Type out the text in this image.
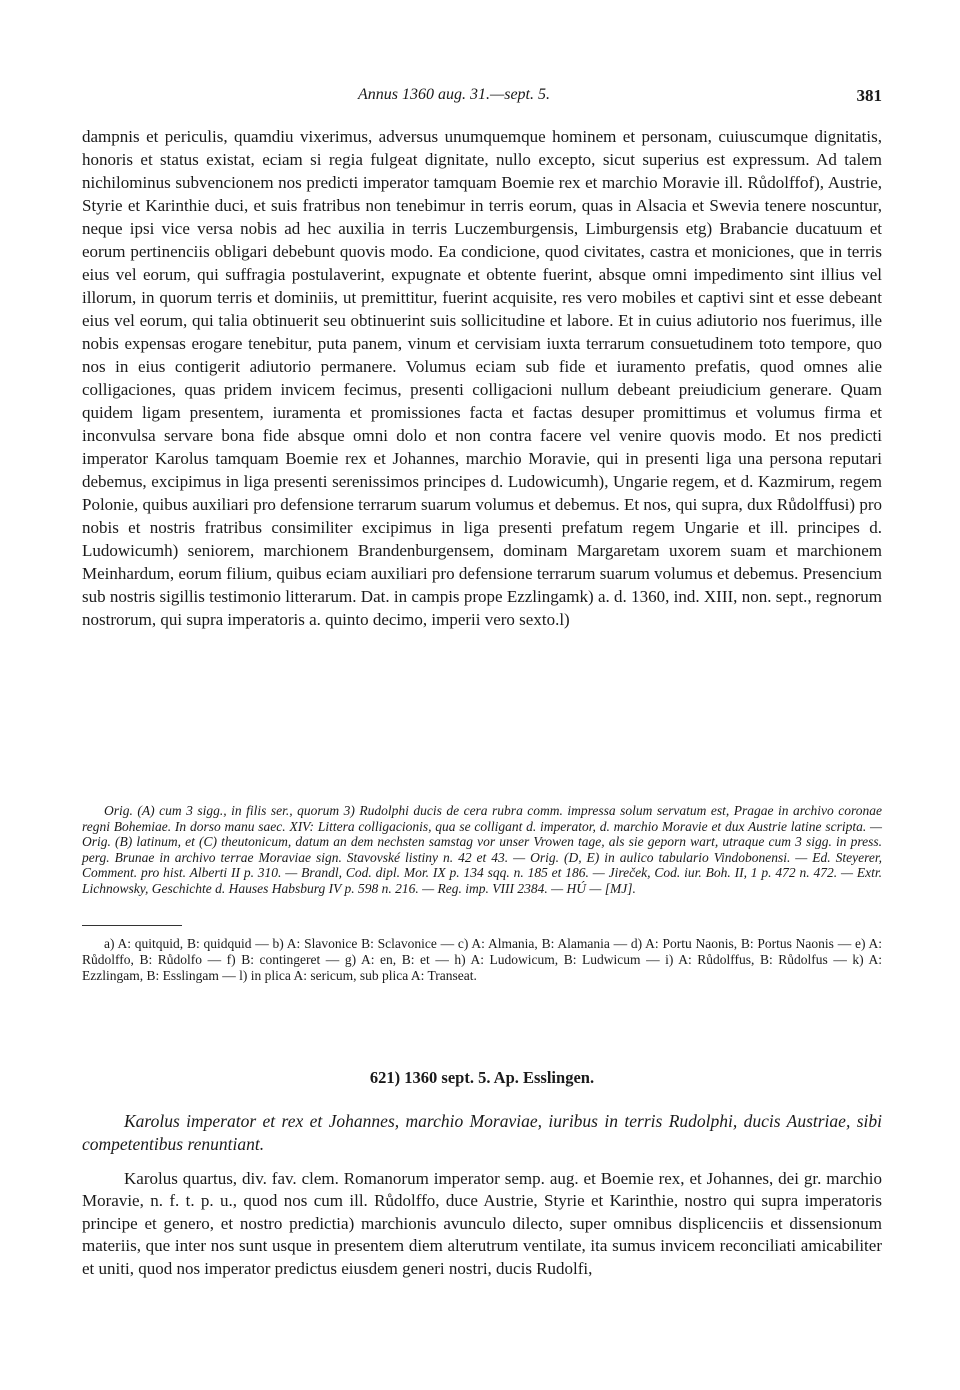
Annus 1360 aug. 31.—sept. 5.	381

dampnis et periculis, quamdiu vixerimus, adversus unumquemque hominem et personam, cuiuscumque dignitatis, honoris et status existat, eciam si regia fulgeat dignitate, nullo excepto, sicut superius est expressum. Ad talem nichilominus subvencionem nos predicti imperator tamquam Boemie rex et marchio Moravie ill. Růdolffof), Austrie, Styrie et Karinthie duci, et suis fratribus non tenebimur in terris eorum, quas in Alsacia et Swevia tenere noscuntur, neque ipsi vice versa nobis ad hec auxilia in terris Luczemburgensis, Limburgensis etg) Brabancie ducatuum et eorum pertinenciis obligari debebunt quovis modo. Ea condicione, quod civitates, castra et moniciones, que in terris eius vel eorum, qui suffragia postulaverint, expugnate et obtente fuerint, absque omni impedimento sint illius vel illorum, in quorum terris et dominiis, ut premittitur, fuerint acquisite, res vero mobiles et captivi sint et esse debeant eius vel eorum, qui talia obtinuerit seu obtinuerint suis sollicitudine et labore. Et in cuius adiutorio nos fuerimus, ille nobis expensas erogare tenebitur, puta panem, vinum et cervisiam iuxta terrarum consuetudinem toto tempore, quo nos in eius contigerit adiutorio permanere. Volumus eciam sub fide et iuramento prefatis, quod omnes alie colligaciones, quas pridem invicem fecimus, presenti colligacioni nullum debeant preiudicium generare. Quam quidem ligam presentem, iuramenta et promissiones facta et factas desuper promittimus et volumus firma et inconvulsa servare bona fide absque omni dolo et non contra facere vel venire quovis modo. Et nos predicti imperator Karolus tamquam Boemie rex et Johannes, marchio Moravie, qui in presenti liga una persona reputari debemus, excipimus in liga presenti serenissimos principes d. Ludowicumh), Ungarie regem, et d. Kazmirum, regem Polonie, quibus auxiliari pro defensione terrarum suarum volumus et debemus. Et nos, qui supra, dux Růdolffusi) pro nobis et nostris fratribus consimiliter excipimus in liga presenti prefatum regem Ungarie et ill. principes d. Ludowicumh) seniorem, marchionem Brandenburgensem, dominam Margaretam uxorem suam et marchionem Meinhardum, eorum filium, quibus eciam auxiliari pro defensione terrarum suarum volumus et debemus. Presencium sub nostris sigillis testimonio litterarum. Dat. in campis prope Ezzlingamk) a. d. 1360, ind. XIII, non. sept., regnorum nostrorum, qui supra imperatoris a. quinto decimo, imperii vero sexto.l)

Orig. (A) cum 3 sigg., in filis ser., quorum 3) Rudolphi ducis de cera rubra comm. impressa solum servatum est, Pragae in archivo coronae regni Bohemiae. In dorso manu saec. XIV: Littera colligacionis, qua se colligant d. imperator, d. marchio Moravie et dux Austrie latine scripta. — Orig. (B) latinum, et (C) theutonicum, datum an dem nechsten samstag vor unser Vrowen tage, als sie geporn wart, utraque cum 3 sigg. in press. perg. Brunae in archivo terrae Moraviae sign. Stavovské listiny n. 42 et 43. — Orig. (D, E) in aulico tabulario Vindobonensi. — Ed. Steyerer, Comment. pro hist. Alberti II p. 310. — Brandl, Cod. dipl. Mor. IX p. 134 sqq. n. 185 et 186. — Jireček, Cod. iur. Boh. II, 1 p. 472 n. 472. — Extr. Lichnowsky, Geschichte d. Hauses Habsburg IV p. 598 n. 216. — Reg. imp. VIII 2384. — HÚ — [MJ].

a) A: quitquid, B: quidquid — b) A: Slavonice B: Sclavonice — c) A: Almania, B: Alamania — d) A: Portu Naonis, B: Portus Naonis — e) A: Růdolffo, B: Růdolfo — f) B: contingeret — g) A: en, B: et — h) A: Ludowicum, B: Ludwicum — i) A: Růdolffus, B: Růdolfus — k) A: Ezzlingam, B: Esslingam — l) in plica A: sericum, sub plica A: Transeat.

621) 1360 sept. 5. Ap. Esslingen.

Karolus imperator et rex et Johannes, marchio Moraviae, iuribus in terris Rudolphi, ducis Austriae, sibi competentibus renuntiant.

Karolus quartus, div. fav. clem. Romanorum imperator semp. aug. et Boemie rex, et Johannes, dei gr. marchio Moravie, n. f. t. p. u., quod nos cum ill. Růdolffo, duce Austrie, Styrie et Karinthie, nostro qui supra imperatoris principe et genero, et nostro predictia) marchionis avunculo dilecto, super omnibus displicenciis et dissensionum materiis, que inter nos sunt usque in presentem diem alterutrum ventilate, ita sumus invicem reconciliati amicabiliter et uniti, quod nos imperator predictus eiusdem generi nostri, ducis Rudolfi,
